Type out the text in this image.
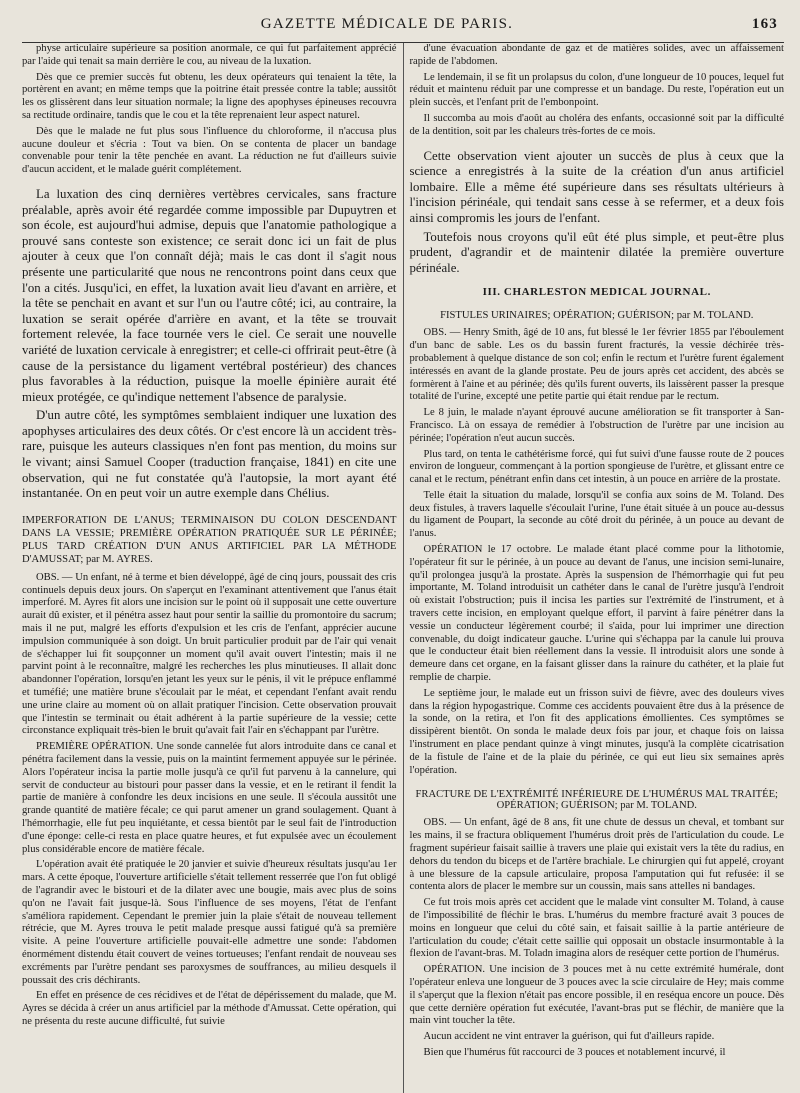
GAZETTE MÉDICALE DE PARIS.	163

physe articulaire supérieure sa position anormale, ce qui fut parfaitement apprécié par l'aide qui tenait sa main derrière le cou, au niveau de la luxation.

Dès que ce premier succès fut obtenu, les deux opérateurs qui tenaient la tête, la portèrent en avant; en même temps que la poitrine était pressée contre la table; aussitôt les os glissèrent dans leur situation normale; la ligne des apophyses épineuses recouvra sa rectitude ordinaire, tandis que le cou et la tête reprenaient leur aspect naturel.

Dès que le malade ne fut plus sous l'influence du chloroforme, il n'accusa plus aucune douleur et s'écria : Tout va bien. On se contenta de placer un bandage convenable pour tenir la tête penchée en avant. La réduction ne fut d'ailleurs suivie d'aucun accident, et le malade guérit complétement.

La luxation des cinq dernières vertèbres cervicales, sans fracture préalable, après avoir été regardée comme impossible par Dupuytren et son école, est aujourd'hui admise, depuis que l'anatomie pathologique a prouvé sans conteste son existence; ce serait donc ici un fait de plus ajouter à ceux que l'on connaît déjà; mais le cas dont il s'agit nous présente une particularité que nous ne rencontrons point dans ceux que l'on a cités. Jusqu'ici, en effet, la luxation avait lieu d'avant en arrière, et la tête se penchait en avant et sur l'un ou l'autre côté; ici, au contraire, la luxation se serait opérée d'arrière en avant, et la tête se trouvait fortement relevée, la face tournée vers le ciel. Ce serait une nouvelle variété de luxation cervicale à enregistrer; et celle-ci offrirait peut-être (à cause de la persistance du ligament vertébral postérieur) des chances plus favorables à la réduction, puisque la moelle épinière aurait été mieux protégée, ce qu'indique nettement l'absence de paralysie.

D'un autre côté, les symptômes semblaient indiquer une luxation des apophyses articulaires des deux côtés. Or c'est encore là un accident très-rare, puisque les auteurs classiques n'en font pas mention, du moins sur le vivant; ainsi Samuel Cooper (traduction française, 1841) en cite une observation, qui ne fut constatée qu'à l'autopsie, la mort ayant été instantanée. On en peut voir un autre exemple dans Chélius.

IMPERFORATION DE L'ANUS; TERMINAISON DU COLON DESCENDANT DANS LA VESSIE; PREMIÈRE OPÉRATION PRATIQUÉE SUR LE PÉRINÉE; PLUS TARD CRÉATION D'UN ANUS ARTIFICIEL PAR LA MÉTHODE D'AMUSSAT; par M. AYRES.

OBS. — Un enfant, né à terme et bien développé, âgé de cinq jours, poussait des cris continuels depuis deux jours. On s'aperçut en l'examinant attentivement que l'anus était imperforé. M. Ayres fit alors une incision sur le point où il supposait une cette ouverture aurait dû exister, et il pénétra assez haut pour sentir la saillie du promontoire du sacrum; mais il ne put, malgré les efforts d'expulsion et les cris de l'enfant, apprécier aucune impulsion communiquée à son doigt. Un bruit particulier produit par de l'air qui venait de s'échapper lui fit soupçonner un moment qu'il avait ouvert l'intestin; mais il ne parvint point à le reconnaître, malgré les recherches les plus minutieuses. Il allait donc abandonner l'opération, lorsqu'en jetant les yeux sur le pénis, il vit le prépuce enflammé et tuméfié; une matière brune s'écoulait par le méat, et cependant l'enfant avait rendu une urine claire au moment où on allait pratiquer l'incision. Cette observation prouvait que l'intestin se terminait ou était adhérent à la partie supérieure de la vessie; cette circonstance expliquait très-bien le bruit qu'avait fait l'air en s'échappant par l'urètre.

PREMIÈRE OPÉRATION. Une sonde cannelée fut alors introduite dans ce canal et pénétra facilement dans la vessie, puis on la maintint fermement appuyée sur le périnée. Alors l'opérateur incisa la partie molle jusqu'à ce qu'il fut parvenu à la cannelure, qui servit de conducteur au bistouri pour passer dans la vessie, et en le retirant il fendit la partie de manière à confondre les deux incisions en une seule. Il s'écoula aussitôt une grande quantité de matière fécale; ce qui parut amener un grand soulagement. Quant à l'hémorrhagie, elle fut peu inquiétante, et cessa bientôt par le seul fait de l'introduction d'une éponge: celle-ci resta en place quatre heures, et fut expulsée avec un écoulement plus considérable encore de matière fécale.

L'opération avait été pratiquée le 20 janvier et suivie d'heureux résultats jusqu'au 1er mars. A cette époque, l'ouverture artificielle s'était tellement resserrée que l'on fut obligé de l'agrandir avec le bistouri et de la dilater avec une bougie, mais avec plus de soins qu'on ne l'avait fait jusque-là. Sous l'influence de ses moyens, l'état de l'enfant s'améliora rapidement. Cependant le premier juin la plaie s'était de nouveau tellement rétrécie, que M. Ayres trouva le petit malade presque aussi fatigué qu'à sa première visite. A peine l'ouverture artificielle pouvait-elle admettre une sonde: l'abdomen énormément distendu était couvert de veines tortueuses; l'enfant rendait de nouveau ses excréments par l'urètre pendant ses paroxysmes de souffrances, au milieu desquels il poussait des cris déchirants.

En effet en présence de ces récidives et de l'état de dépérissement du malade, que M. Ayres se décida à créer un anus artificiel par la méthode d'Amussat. Cette opération, qui ne présenta du reste aucune difficulté, fut suivie

d'une évacuation abondante de gaz et de matières solides, avec un affaissement rapide de l'abdomen.

Le lendemain, il se fit un prolapsus du colon, d'une longueur de 10 pouces, lequel fut réduit et maintenu réduit par une compresse et un bandage. Du reste, l'opération eut un plein succès, et l'enfant prit de l'embonpoint.

Il succomba au mois d'août au choléra des enfants, occasionné soit par la difficulté de la dentition, soit par les chaleurs très-fortes de ce mois.

Cette observation vient ajouter un succès de plus à ceux que la science a enregistrés à la suite de la création d'un anus artificiel lombaire. Elle a même été supérieure dans ses résultats ultérieurs à l'incision périnéale, qui tendait sans cesse à se refermer, et a deux fois ainsi compromis les jours de l'enfant.

Toutefois nous croyons qu'il eût été plus simple, et peut-être plus prudent, d'agrandir et de maintenir dilatée la première ouverture périnéale.

III. CHARLESTON MEDICAL JOURNAL.
FISTULES URINAIRES; OPÉRATION; GUÉRISON; par M. TOLAND.

OBS. — Henry Smith, âgé de 10 ans, fut blessé le 1er février 1855 par l'éboulement d'un banc de sable. Les os du bassin furent fracturés, la vessie déchirée très-probablement à quelque distance de son col; enfin le rectum et l'urètre furent également intéressés en avant de la glande prostate. Peu de jours après cet accident, des abcès se formèrent à l'aine et au périnée; dès qu'ils furent ouverts, ils laissèrent passer la presque totalité de l'urine, excepté une petite partie qui était rendue par le rectum.

Le 8 juin, le malade n'ayant éprouvé aucune amélioration se fit transporter à San-Francisco. Là on essaya de remédier à l'obstruction de l'urètre par une incision au périnée; l'opération n'eut aucun succès.

Plus tard, on tenta le cathétérisme forcé, qui fut suivi d'une fausse route de 2 pouces environ de longueur, commençant à la portion spongieuse de l'urètre, et glissant entre ce canal et le rectum, pénétrant enfin dans cet intestin, à un pouce en arrière de la prostate.

Telle était la situation du malade, lorsqu'il se confia aux soins de M. Toland. Des deux fistules, à travers laquelle s'écoulait l'urine, l'une était située à un pouce au-dessus du ligament de Poupart, la seconde au côté droit du périnée, à un pouce au devant de l'anus.

OPÉRATION le 17 octobre. Le malade étant placé comme pour la lithotomie, l'opérateur fit sur le périnée, à un pouce au devant de l'anus, une incision semi-lunaire, qu'il prolongea jusqu'à la prostate. Après la suspension de l'hémorrhagie qui fut peu importante, M. Toland introduisit un cathéter dans le canal de l'urètre jusqu'à l'endroit où existait l'obstruction; puis il incisa les parties sur l'extrémité de l'instrument, et à travers cette incision, en employant quelque effort, il parvint à faire pénétrer dans la vessie un conducteur légèrement courbé; il s'aida, pour lui imprimer une direction convenable, du doigt indicateur gauche. L'urine qui s'échappa par la canule lui prouva que le conducteur était bien réellement dans la vessie. Il introduisit alors une sonde à demeure dans cet organe, en la faisant glisser dans la rainure du cathéter, et la plaie fut remplie de charpie.

Le septième jour, le malade eut un frisson suivi de fièvre, avec des douleurs vives dans la région hypogastrique. Comme ces accidents pouvaient être dus à la présence de la sonde, on la retira, et l'on fit des applications émollientes. Ces symptômes se dissipèrent bientôt. On sonda le malade deux fois par jour, et chaque fois on laissa l'instrument en place pendant quinze à vingt minutes, jusqu'à la complète cicatrisation de la fistule de l'aine et de la plaie du périnée, ce qui eut lieu six semaines après l'opération.

FRACTURE DE L'EXTRÉMITÉ INFÉRIEURE DE L'HUMÉRUS MAL TRAITÉE; OPÉRATION; GUÉRISON; par M. TOLAND.

OBS. — Un enfant, âgé de 8 ans, fit une chute de dessus un cheval, et tombant sur les mains, il se fractura obliquement l'humérus droit près de l'articulation du coude. Le fragment supérieur faisait saillie à travers une plaie qui existait vers la tête du radius, en dehors du tendon du biceps et de l'artère brachiale. Le chirurgien qui fut appelé, croyant à une blessure de la capsule articulaire, proposa l'amputation qui fut refusée: il se contenta alors de placer le membre sur un coussin, mais sans attelles ni bandages.

Ce fut trois mois après cet accident que le malade vint consulter M. Toland, à cause de l'impossibilité de fléchir le bras. L'humérus du membre fracturé avait 3 pouces de moins en longueur que celui du côté sain, et faisait saillie à la partie antérieure de l'articulation du coude; c'était cette saillie qui opposait un obstacle insurmontable à la flexion de l'avant-bras. M. Toladn imagina alors de reséquer cette portion de l'humérus.

OPÉRATION. Une incision de 3 pouces met à nu cette extrémité humérale, dont l'opérateur enleva une longueur de 3 pouces avec la scie circulaire de Hey; mais comme il s'aperçut que la flexion n'était pas encore possible, il en reséqua encore un pouce. Dès que cette dernière opération fut exécutée, l'avant-bras put se fléchir, de manière que la main vint toucher la tête.

Aucun accident ne vint entraver la guérison, qui fut d'ailleurs rapide.

Bien que l'humérus fût raccourci de 3 pouces et notablement incurvé, il
